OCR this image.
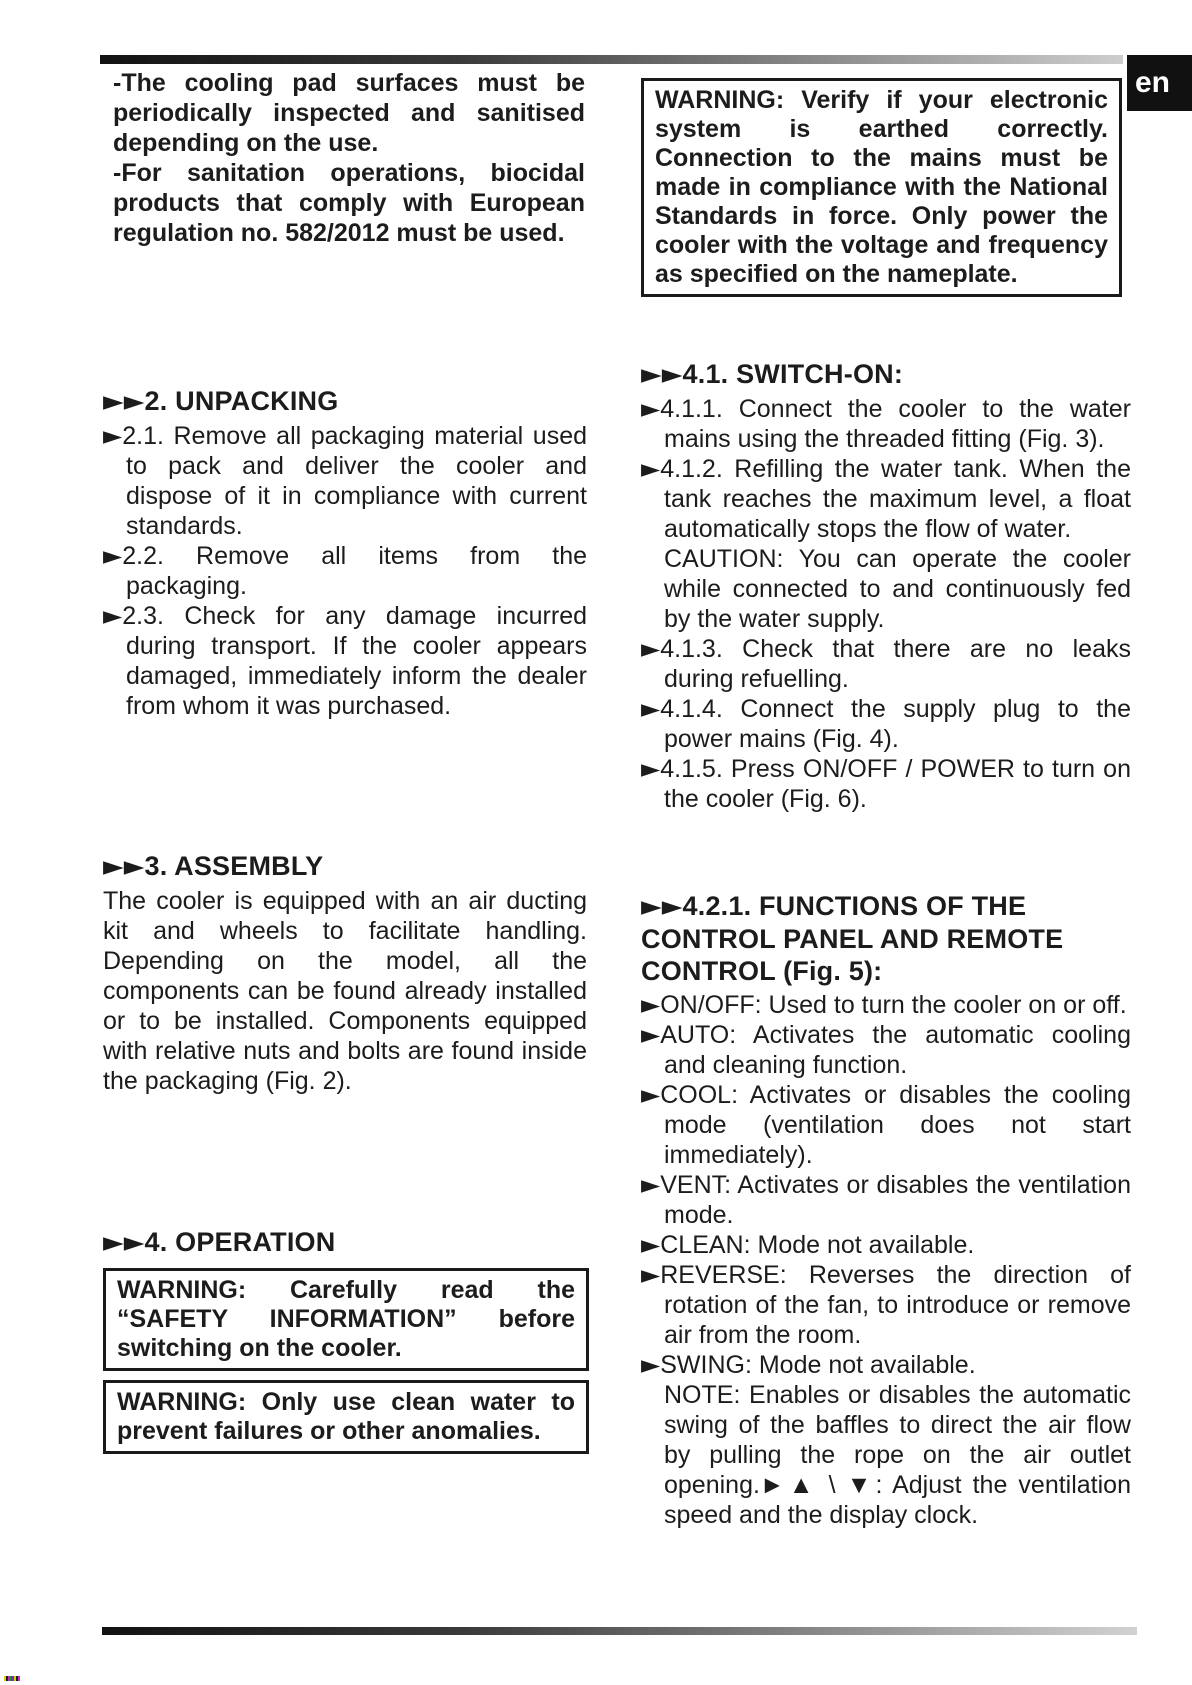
en

-The cooling pad surfaces must be periodically inspected and sanitised depending on the use.

-For sanitation operations, biocidal products that comply with European regulation no. 582/2012 must be used.

WARNING: Verify if your electronic system is earthed correctly. Connection to the mains must be made in compliance with the National Standards in force. Only power the cooler with the voltage and frequency as specified on the nameplate.
►►2. UNPACKING

►2.1. Remove all packaging material used to pack and deliver the cooler and dispose of it in compliance with current standards.

►2.2. Remove all items from the packaging.

►2.3. Check for any damage incurred during transport. If the cooler appears damaged, immediately inform the dealer from whom it was purchased.

►►3. ASSEMBLY

The cooler is equipped with an air ducting kit and wheels to facilitate handling. Depending on the model, all the components can be found already installed or to be installed. Components equipped with relative nuts and bolts are found inside the packaging (Fig. 2).

►►4. OPERATION
WARNING: Carefully read the “SAFETY INFORMATION” before switching on the cooler.
WARNING: Only use clean water to prevent failures or other anomalies.
►►4.1. SWITCH-ON:

►4.1.1. Connect the cooler to the water mains using the threaded fitting (Fig. 3).

►4.1.2. Refilling the water tank. When the tank reaches the maximum level, a float automatically stops the flow of water.

CAUTION: You can operate the cooler while connected to and continuously fed by the water supply.

►4.1.3. Check that there are no leaks during refuelling.

►4.1.4. Connect the supply plug to the power mains (Fig. 4).

►4.1.5. Press ON/OFF / POWER to turn on the cooler (Fig. 6).

►►4.2.1. FUNCTIONS OF THE CONTROL PANEL AND REMOTE CONTROL (Fig. 5):

►ON/OFF: Used to turn the cooler on or off.

►AUTO: Activates the automatic cooling and cleaning function.

►COOL: Activates or disables the cooling mode (ventilation does not start immediately).

►VENT: Activates or disables the ventilation mode.

►CLEAN: Mode not available.

►REVERSE: Reverses the direction of rotation of the fan, to introduce or remove air from the room.

►SWING: Mode not available.

NOTE: Enables or disables the automatic swing of the baffles to direct the air flow by pulling the rope on the air outlet opening.►▲ \ ▼: Adjust the ventilation speed and the display clock.
